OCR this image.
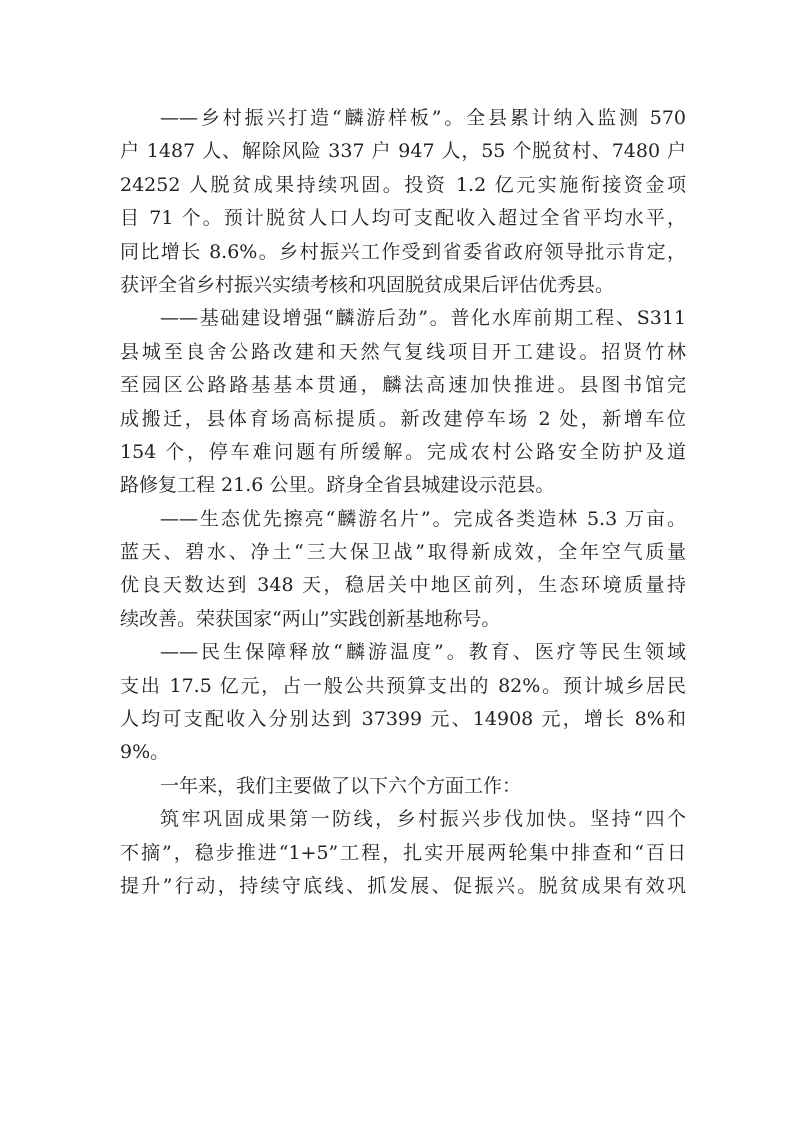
——乡村振兴打造“麟游样板”。全县累计纳入监测 570
户 1487 人、解除风险 337 户 947 人，55 个脱贫村、7480 户
24252 人脱贫成果持续巩固。投资 1.2 亿元实施衔接资金项
目 71 个。预计脱贫人口人均可支配收入超过全省平均水平，
同比增长 8.6%。乡村振兴工作受到省委省政府领导批示肯定，
获评全省乡村振兴实绩考核和巩固脱贫成果后评估优秀县。
——基础建设增强“麟游后劲”。普化水库前期工程、S311
县城至良舍公路改建和天然气复线项目开工建设。招贤竹林
至园区公路路基基本贯通，麟法高速加快推进。县图书馆完
成搬迁，县体育场高标提质。新改建停车场 2 处，新增车位
154 个，停车难问题有所缓解。完成农村公路安全防护及道
路修复工程 21.6 公里。跻身全省县城建设示范县。
——生态优先擦亮“麟游名片”。完成各类造林 5.3 万亩。
蓝天、碧水、净土“三大保卫战”取得新成效，全年空气质量
优良天数达到 348 天，稳居关中地区前列，生态环境质量持
续改善。荣获国家“两山”实践创新基地称号。
——民生保障释放“麟游温度”。教育、医疗等民生领域
支出 17.5 亿元，占一般公共预算支出的 82%。预计城乡居民
人均可支配收入分别达到 37399 元、14908 元，增长 8%和
9%。
一年来，我们主要做了以下六个方面工作：
筑牢巩固成果第一防线，乡村振兴步伐加快。坚持“四个
不摘”，稳步推进“1+5”工程，扎实开展两轮集中排查和“百日
提升”行动，持续守底线、抓发展、促振兴。脱贫成果有效巩
